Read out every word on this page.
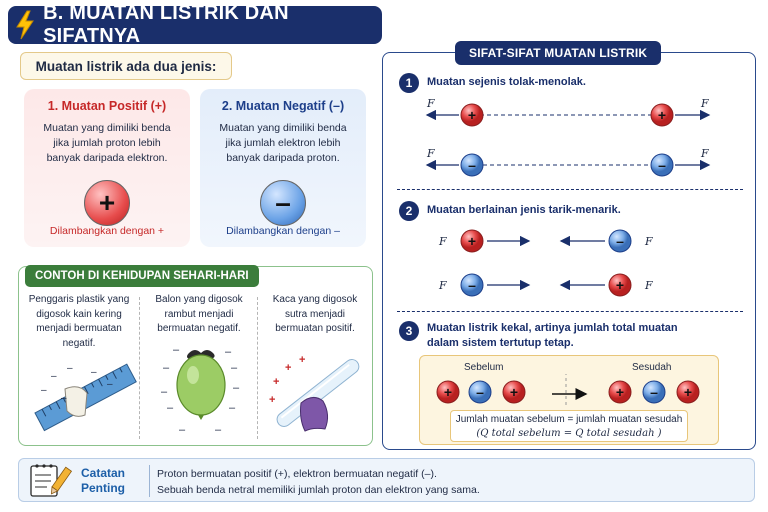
B. MUATAN LISTRIK DAN SIFATNYA
Muatan listrik ada dua jenis:
1. Muatan Positif (+)

Muatan yang dimiliki benda
jika jumlah proton lebih
banyak daripada elektron.

+
Dilambangkan dengan +
2. Muatan Negatif (–)

Muatan yang dimiliki benda
jika jumlah elektron lebih
banyak daripada proton.

–
Dilambangkan dengan –
CONTOH DI KEHIDUPAN SEHARI-HARI
Penggaris plastik yang
digosok kain kering
menjadi bermuatan
negatif.
Balon yang digosok
rambut menjadi
bermuatan negatif.
Kaca yang digosok
sutra menjadi
bermuatan positif.
–
– –
–
–
–
–
–
–
–
–
–
–	–
–	–
+
+
+
+
SIFAT-SIFAT MUATAN LISTRIK
1	Muatan sejenis tolak-menolak.
+	+
F	F
–	–
F	F
2	Muatan berlainan jenis tarik-menarik.
+	–
F	F
–	+
F	F
3	Muatan listrik kekal, artinya jumlah total muatan
dalam sistem tertutup tetap.
Sebelum	Sesudah
+ – +	+ – +
Jumlah muatan sebelum = jumlah muatan sesudah
(Q total sebelum = Q total sesudah )
Catatan
Penting
Proton bermuatan positif (+), elektron bermuatan negatif (–).
Sebuah benda netral memiliki jumlah proton dan elektron yang sama.
